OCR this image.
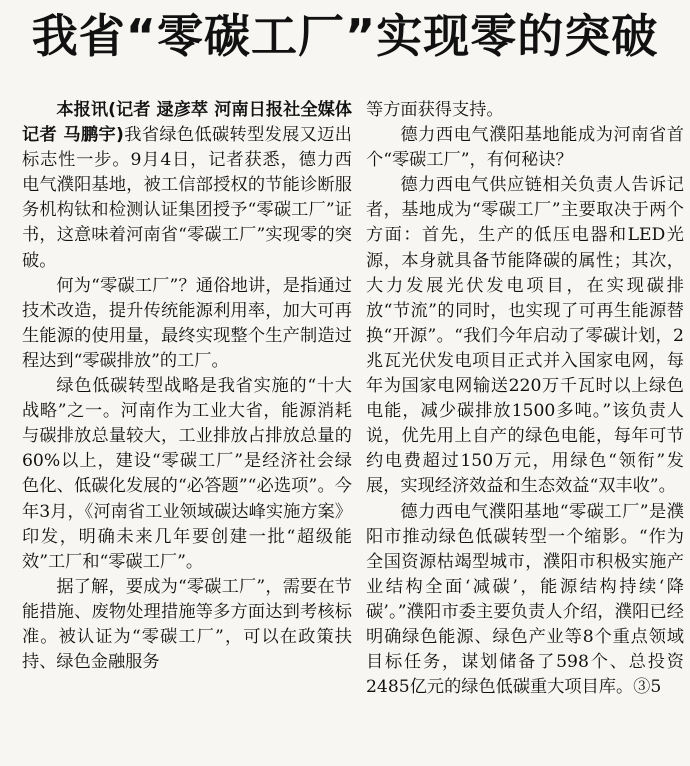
我省“零碳工厂”实现零的突破

本报讯(记者 逯彦萃 河南日报社全媒体记者 马鹏宇)我省绿色低碳转型发展又迈出标志性一步。9月4日，记者获悉，德力西电气濮阳基地，被工信部授权的节能诊断服务机构钛和检测认证集团授予“零碳工厂”证书，这意味着河南省“零碳工厂”实现零的突破。

何为“零碳工厂”？通俗地讲，是指通过技术改造，提升传统能源利用率，加大可再生能源的使用量，最终实现整个生产制造过程达到“零碳排放”的工厂。

绿色低碳转型战略是我省实施的“十大战略”之一。河南作为工业大省，能源消耗与碳排放总量较大，工业排放占排放总量的60%以上，建设“零碳工厂”是经济社会绿色化、低碳化发展的“必答题”“必选项”。今年3月，《河南省工业领域碳达峰实施方案》印发，明确未来几年要创建一批“超级能效”工厂和“零碳工厂”。

据了解，要成为“零碳工厂”，需要在节能措施、废物处理措施等多方面达到考核标准。被认证为“零碳工厂”，可以在政策扶持、绿色金融服务

等方面获得支持。

德力西电气濮阳基地能成为河南省首个“零碳工厂”，有何秘诀？

德力西电气供应链相关负责人告诉记者，基地成为“零碳工厂”主要取决于两个方面：首先，生产的低压电器和LED光源，本身就具备节能降碳的属性；其次，大力发展光伏发电项目，在实现碳排放“节流”的同时，也实现了可再生能源替换“开源”。“我们今年启动了零碳计划，2兆瓦光伏发电项目正式并入国家电网，每年为国家电网输送220万千瓦时以上绿色电能，减少碳排放1500多吨。”该负责人说，优先用上自产的绿色电能，每年可节约电费超过150万元，用绿色“领衔”发展，实现经济效益和生态效益“双丰收”。

德力西电气濮阳基地“零碳工厂”是濮阳市推动绿色低碳转型一个缩影。“作为全国资源枯竭型城市，濮阳市积极实施产业结构全面‘减碳’，能源结构持续‘降碳’。”濮阳市委主要负责人介绍，濮阳已经明确绿色能源、绿色产业等8个重点领域目标任务，谋划储备了598个、总投资2485亿元的绿色低碳重大项目库。③5
